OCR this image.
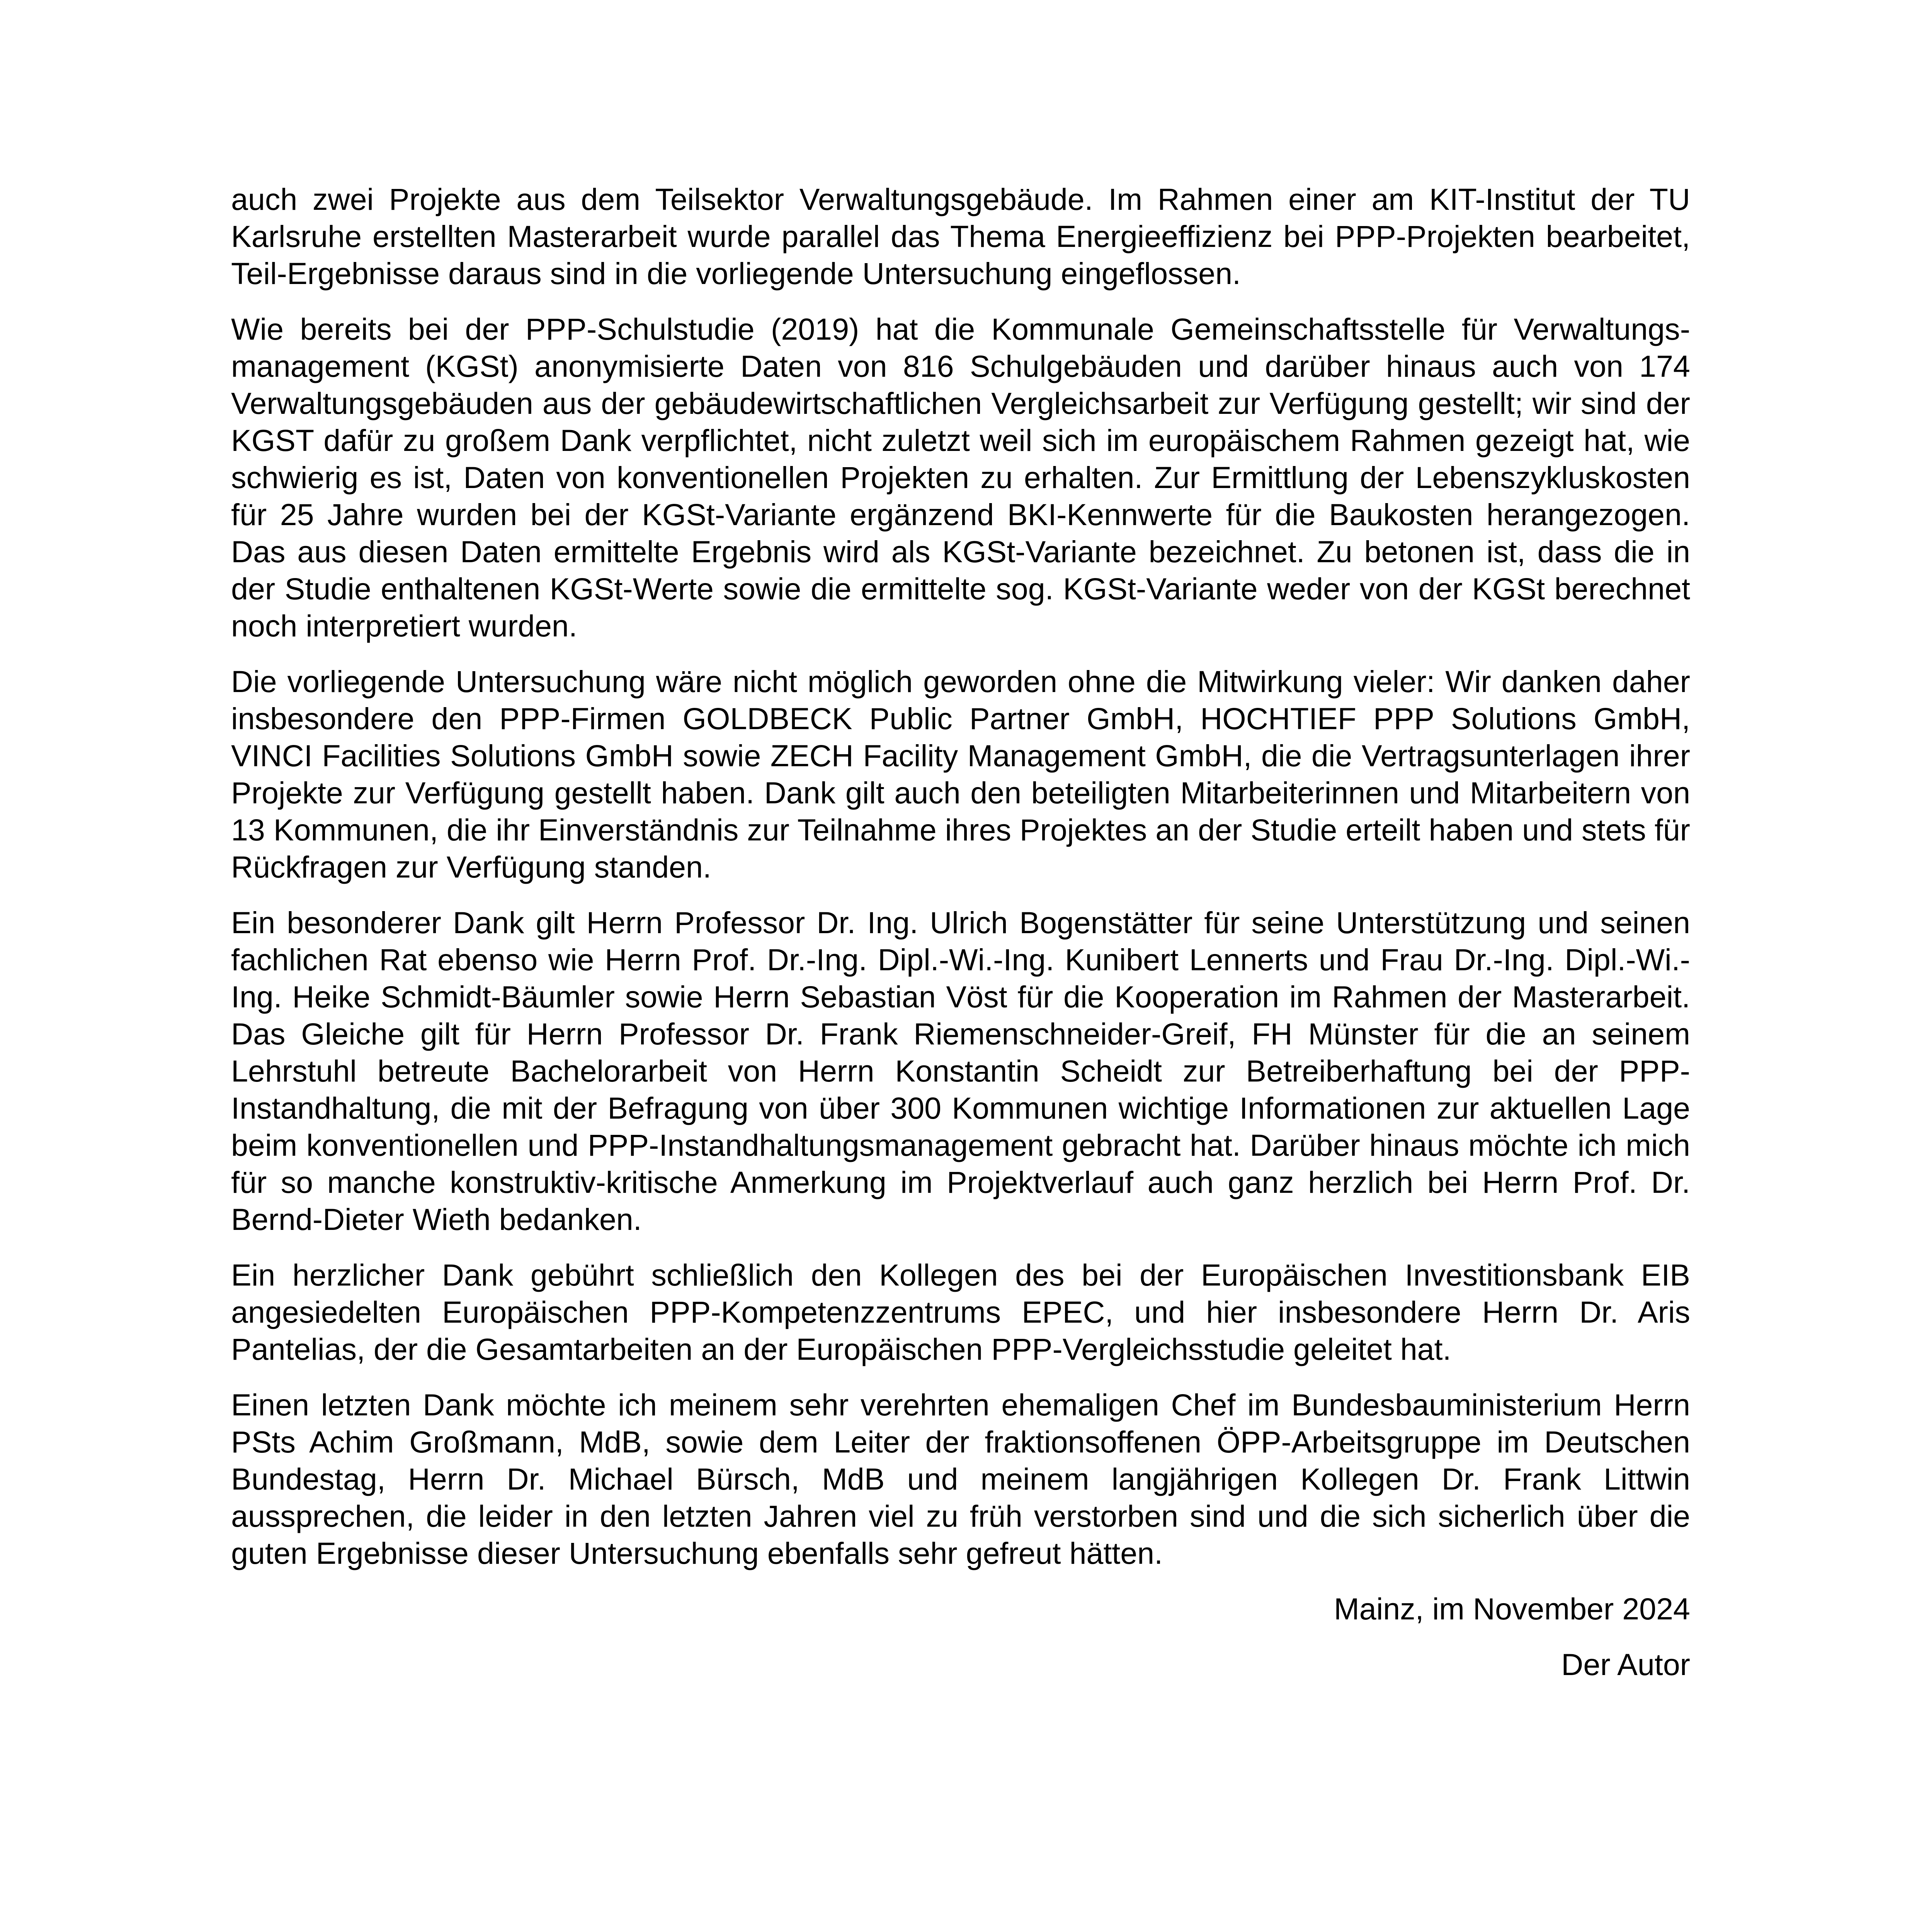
auch zwei Projekte aus dem Teilsektor Verwaltungsgebäude. Im Rahmen einer am KIT-Institut der TU Karlsruhe erstellten Masterarbeit wurde parallel das Thema Energieeffizienz bei PPP-Projekten bearbeitet, Teil-Ergebnisse daraus sind in die vorliegende Untersuchung eingeflossen.

Wie bereits bei der PPP-Schulstudie (2019) hat die Kommunale Gemeinschaftsstelle für Verwaltungsmanagement (KGSt) anonymisierte Daten von 816 Schulgebäuden und darüber hinaus auch von 174 Verwaltungsgebäuden aus der gebäudewirtschaftlichen Vergleichsarbeit zur Verfügung gestellt; wir sind der KGST dafür zu großem Dank verpflichtet, nicht zuletzt weil sich im europäischem Rahmen gezeigt hat, wie schwierig es ist, Daten von konventionellen Projekten zu erhalten. Zur Ermittlung der Lebenszykluskosten für 25 Jahre wurden bei der KGSt-Variante ergänzend BKI-Kennwerte für die Baukosten herangezogen. Das aus diesen Daten ermittelte Ergebnis wird als KGSt-Variante bezeichnet. Zu betonen ist, dass die in der Studie enthaltenen KGSt-Werte sowie die ermittelte sog. KGSt-Variante weder von der KGSt berechnet noch interpretiert wurden.

Die vorliegende Untersuchung wäre nicht möglich geworden ohne die Mitwirkung vieler: Wir danken daher insbesondere den PPP-Firmen GOLDBECK Public Partner GmbH, HOCHTIEF PPP Solutions GmbH, VINCI Facilities Solutions GmbH sowie ZECH Facility Management GmbH, die die Vertragsunterlagen ihrer Projekte zur Verfügung gestellt haben. Dank gilt auch den beteiligten Mitarbeiterinnen und Mitarbeitern von 13 Kommunen, die ihr Einverständnis zur Teilnahme ihres Projektes an der Studie erteilt haben und stets für Rückfragen zur Verfügung standen.

Ein besonderer Dank gilt Herrn Professor Dr. Ing. Ulrich Bogenstätter für seine Unterstützung und seinen fachlichen Rat ebenso wie Herrn Prof. Dr.-Ing. Dipl.-Wi.-Ing. Kunibert Lennerts und Frau Dr.-Ing. Dipl.-Wi.-Ing. Heike Schmidt-Bäumler sowie Herrn Sebastian Vöst für die Kooperation im Rahmen der Masterarbeit. Das Gleiche gilt für Herrn Professor Dr. Frank Riemenschneider-Greif, FH Münster für die an seinem Lehrstuhl betreute Bachelorarbeit von Herrn Konstantin Scheidt zur Betreiberhaftung bei der PPP-Instandhaltung, die mit der Befragung von über 300 Kommunen wichtige Informationen zur aktuellen Lage beim konventionellen und PPP-Instandhaltungsmanagement gebracht hat. Darüber hinaus möchte ich mich für so manche konstruktiv-kritische Anmerkung im Projektverlauf auch ganz herzlich bei Herrn Prof. Dr. Bernd-Dieter Wieth bedanken.

Ein herzlicher Dank gebührt schließlich den Kollegen des bei der Europäischen Investitionsbank EIB angesiedelten Europäischen PPP-Kompetenzzentrums EPEC, und hier insbesondere Herrn Dr. Aris Pantelias, der die Gesamtarbeiten an der Europäischen PPP-Vergleichsstudie geleitet hat.

Einen letzten Dank möchte ich meinem sehr verehrten ehemaligen Chef im Bundesbauministerium Herrn PSts Achim Großmann, MdB, sowie dem Leiter der fraktionsoffenen ÖPP-Arbeitsgruppe im Deutschen Bundestag, Herrn Dr. Michael Bürsch, MdB und meinem langjährigen Kollegen Dr. Frank Littwin aussprechen, die leider in den letzten Jahren viel zu früh verstorben sind und die sich sicherlich über die guten Ergebnisse dieser Untersuchung ebenfalls sehr gefreut hätten.

Mainz, im November 2024
Der Autor
